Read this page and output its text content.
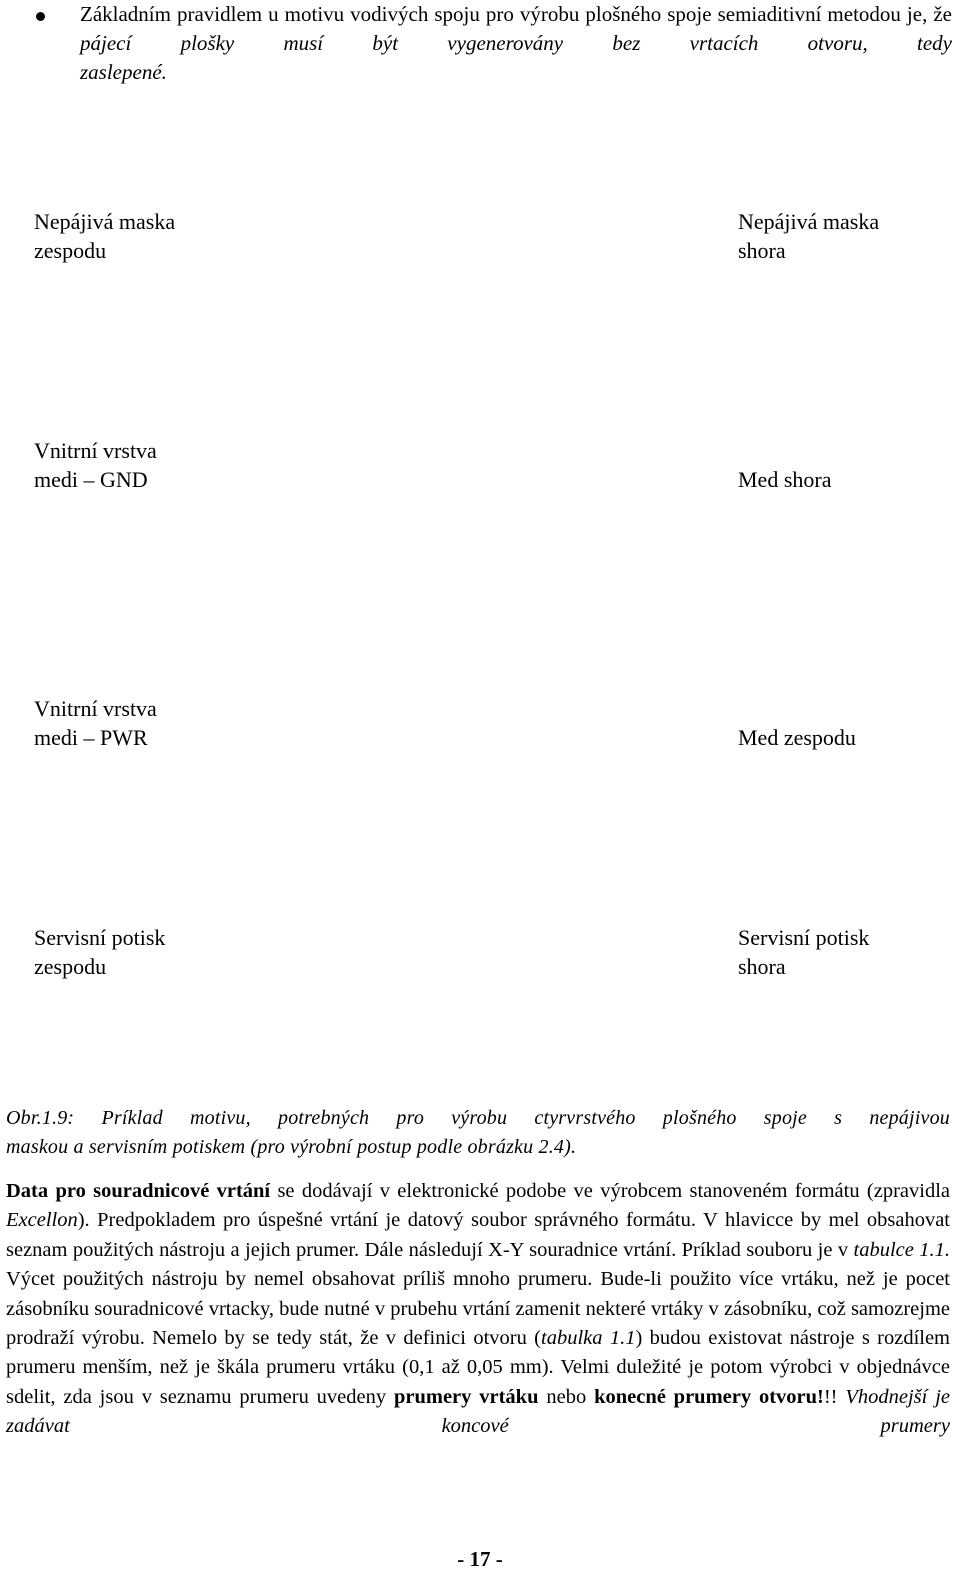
Základním pravidlem u motivu vodivých spoju pro výrobu plošného spoje semiaditivní metodou je, že pájecí plošky musí být vygenerovány bez vrtacích otvoru, tedy
zaslepené.
Nepájivá maska
zespodu
Nepájivá maska
shora
Vnitrní vrstva
medi – GND	Med shora
Vnitrní vrstva
medi – PWR	Med zespodu
Servisní potisk
zespodu
Servisní potisk
shora
Obr.1.9: Príklad motivu, potrebných pro výrobu ctyrvrstvého plošného spoje s nepájivou
maskou a servisním potiskem (pro výrobní postup podle obrázku 2.4).
Data pro souradnicové vrtání se dodávají v elektronické podobe ve výrobcem stanoveném formátu (zpravidla Excellon). Predpokladem pro úspešné vrtání je datový soubor správného formátu. V hlavicce by mel obsahovat seznam použitých nástroju a jejich prumer. Dále následují X-Y souradnice vrtání. Príklad souboru je v tabulce 1.1. Výcet použitých nástroju by nemel obsahovat príliš mnoho prumeru. Bude-li použito více vrtáku, než je pocet zásobníku souradnicové vrtacky, bude nutné v prubehu vrtání zamenit nekteré vrtáky v zásobníku, což samozrejme prodraží výrobu. Nemelo by se tedy stát, že v definici otvoru (tabulka 1.1) budou existovat nástroje s rozdílem prumeru menším, než je škála prumeru vrtáku (0,1 až 0,05 mm). Velmi duležité je potom výrobci v objednávce sdelit, zda jsou v seznamu prumeru uvedeny prumery vrtáku nebo konecné prumery otvoru!!! Vhodnejší je zadávat koncové prumery
- 17 -
